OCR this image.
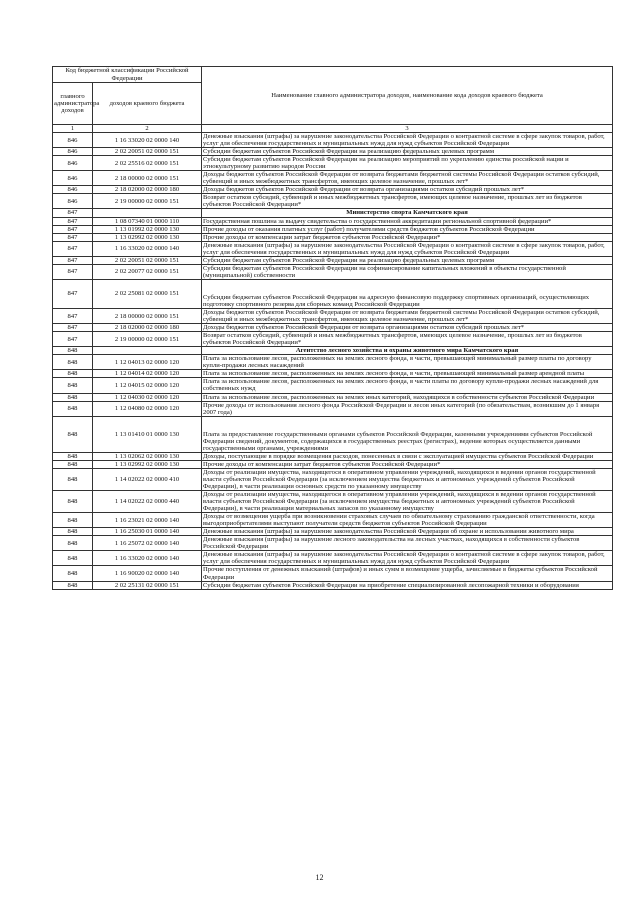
Код бюджетной классификации Российской Федерации		Наименование главного администратора доходов, наименование кода доходов краевого бюджета
главного администратора доходов	доходов краевого бюджета	
1	2	3
846	1 16 33020 02 0000 140	Денежные взыскания (штрафы) за нарушение законодательства Российской Федерации о контрактной системе в сфере закупок товаров, работ, услуг для обеспечения государственных и муниципальных нужд для нужд субъектов Российской Федерации
846	2 02 20051 02 0000 151	Субсидии бюджетам субъектов Российской Федерации на реализацию федеральных целевых программ
846	2 02 25516 02 0000 151	Субсидии бюджетам субъектов Российской Федерации на реализацию мероприятий по укреплению единства российской нации и этнокультурному развитию народов России
846	2 18 00000 02 0000 151	Доходы бюджетов субъектов Российской Федерации от возврата бюджетами бюджетной системы Российской Федерации остатков субсидий, субвенций и иных межбюджетных трансфертов, имеющих целевое назначение, прошлых лет*
846	2 18 02000 02 0000 180	Доходы бюджетов субъектов Российской Федерации от возврата организациями остатков субсидий прошлых лет*
846	2 19 00000 02 0000 151	Возврат остатков субсидий, субвенций и иных межбюджетных трансфертов, имеющих целевое назначение, прошлых лет из бюджетов субъектов Российской Федерации*
847		Министерство спорта Камчатского края
847	1 08 07340 01 0000 110	Государственная пошлина за выдачу свидетельства о государственной аккредитации региональной спортивной федерации*
847	1 13 01992 02 0000 130	Прочие доходы от оказания платных услуг (работ) получателями средств бюджетов субъектов Российской Федерации
847	1 13 02992 02 0000 130	Прочие доходы от компенсации затрат бюджетов субъектов Российской Федерации*
847	1 16 33020 02 0000 140	Денежные взыскания (штрафы) за нарушение законодательства Российской Федерации о контрактной системе в сфере закупок товаров, работ, услуг для обеспечения государственных и муниципальных нужд для нужд субъектов Российской Федерации
847	2 02 20051 02 0000 151	Субсидии бюджетам субъектов Российской Федерации на реализацию федеральных целевых программ
847	2 02 20077 02 0000 151	Субсидии бюджетам субъектов Российской Федерации на софинансирование капитальных вложений в объекты государственной (муниципальной) собственности
847	2 02 25081 02 0000 151	Субсидии бюджетам субъектов Российской Федерации на адресную финансовую поддержку спортивных организаций, осуществляющих подготовку спортивного резерва для сборных команд Российской Федерации
847	2 18 00000 02 0000 151	Доходы бюджетов субъектов Российской Федерации от возврата бюджетами бюджетной системы Российской Федерации остатков субсидий, субвенций и иных межбюджетных трансфертов, имеющих целевое назначение, прошлых лет*
847	2 18 02000 02 0000 180	Доходы бюджетов субъектов Российской Федерации от возврата организациями остатков субсидий прошлых лет*
847	2 19 00000 02 0000 151	Возврат остатков субсидий, субвенций и иных межбюджетных трансфертов, имеющих целевое назначение, прошлых лет из бюджетов субъектов Российской Федерации*
848		Агентство лесного хозяйства и охраны животного мира Камчатского края
848	1 12 04013 02 0000 120	Плата за использование лесов, расположенных на землях лесного фонда, в части, превышающей минимальный размер платы по договору купли-продажи лесных насаждений
848	1 12 04014 02 0000 120	Плата за использование лесов, расположенных на землях лесного фонда, в части, превышающей минимальный размер арендной платы
848	1 12 04015 02 0000 120	Плата за использование лесов, расположенных на землях лесного фонда, в части платы по договору купли-продажи лесных насаждений для собственных нужд
848	1 12 04030 02 0000 120	Плата за использование лесов, расположенных на землях иных категорий, находящихся в собственности субъектов Российской Федерации
848	1 12 04080 02 0000 120	Прочие доходы от использования лесного фонда Российской Федерации и лесов иных категорий (по обязательствам, возникшим до 1 января 2007 года)
848	1 13 01410 01 0000 130	Плата за предоставление государственными органами субъектов Российской Федерации, казенными учреждениями субъектов Российской Федерации сведений, документов, содержащихся в государственных реестрах (регистрах), ведение которых осуществляется данными государственными органами, учреждениями
848	1 13 02062 02 0000 130	Доходы, поступающие в порядке возмещения расходов, понесенных в связи с эксплуатацией имущества субъектов Российской Федерации
848	1 13 02992 02 0000 130	Прочие доходы от компенсации затрат бюджетов субъектов Российской Федерации*
848	1 14 02022 02 0000 410	Доходы от реализации имущества, находящегося в оперативном управлении учреждений, находящихся в ведении органов государственной власти субъектов Российской Федерации (за исключением имущества бюджетных и автономных учреждений субъектов Российской Федерации), в части реализации основных средств по указанному имуществу
848	1 14 02022 02 0000 440	Доходы от реализации имущества, находящегося в оперативном управлении учреждений, находящихся в ведении органов государственной власти субъектов Российской Федерации (за исключением имущества бюджетных и автономных учреждений субъектов Российской Федерации), в части реализации материальных запасов по указанному имуществу
848	1 16 23021 02 0000 140	Доходы от возмещения ущерба при возникновении страховых случаев по обязательному страхованию гражданской ответственности, когда выгодоприобретателями выступают получатели средств бюджетов субъектов Российской Федерации
848	1 16 25030 01 0000 140	Денежные взыскания (штрафы) за нарушение законодательства Российской Федерации об охране и использовании животного мира
848	1 16 25072 02 0000 140	Денежные взыскания (штрафы) за нарушение лесного законодательства на лесных участках, находящихся в собственности субъектов Российской Федерации
848	1 16 33020 02 0000 140	Денежные взыскания (штрафы) за нарушение законодательства Российской Федерации о контрактной системе в сфере закупок товаров, работ, услуг для обеспечения государственных и муниципальных нужд для нужд субъектов Российской Федерации
848	1 16 90020 02 0000 140	Прочие поступления от денежных взысканий (штрафов) и иных сумм в возмещение ущерба, зачисляемые в бюджеты субъектов Российской Федерации
848	2 02 25131 02 0000 151	Субсидии бюджетам субъектов Российской Федерации на приобретение специализированной лесопожарной техники и оборудования
12
